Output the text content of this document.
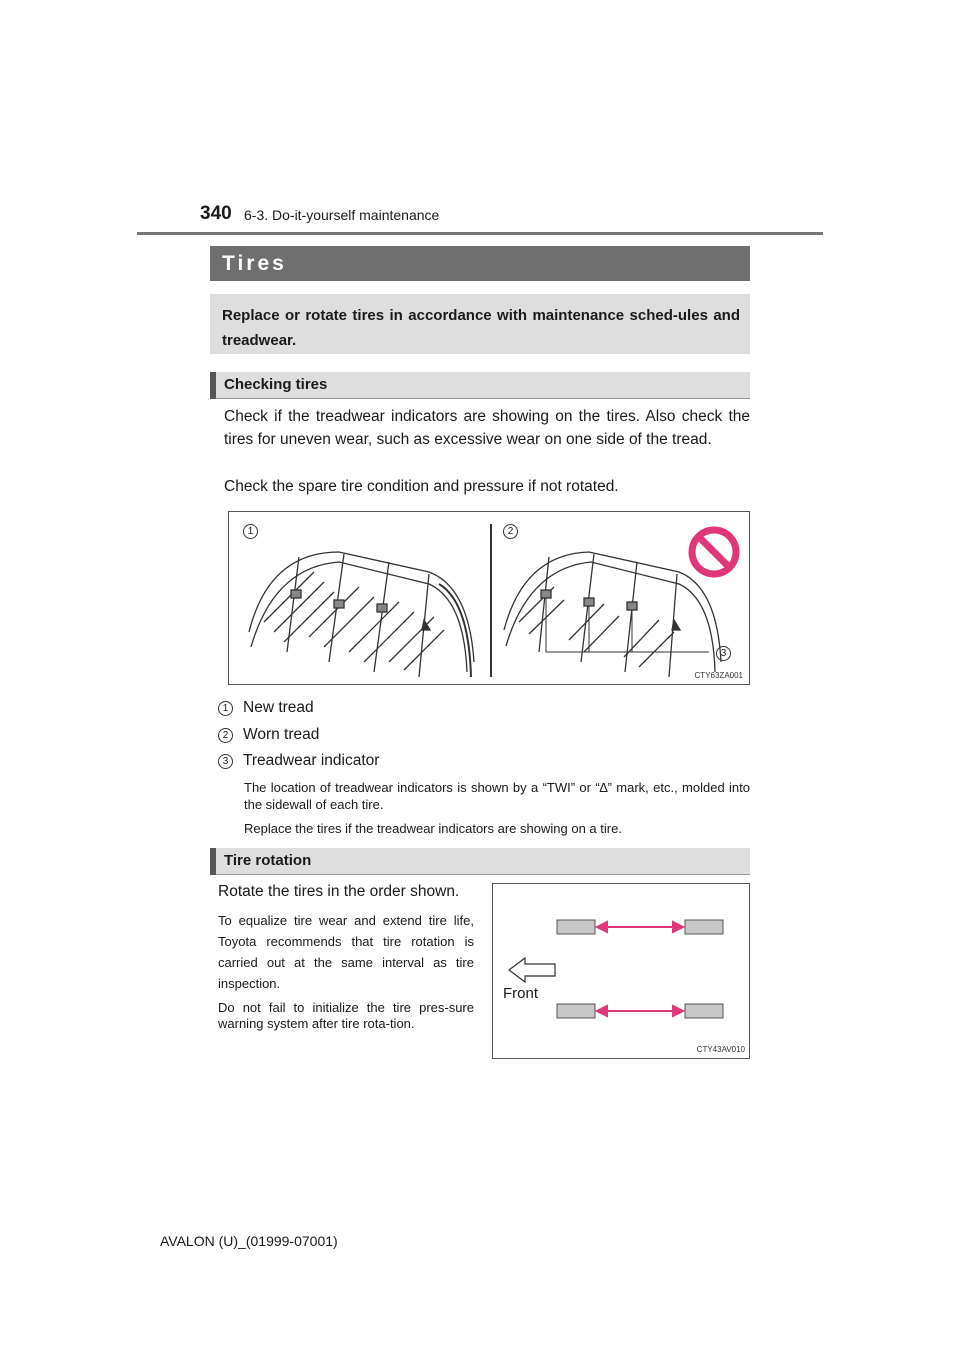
340 6-3. Do-it-yourself maintenance
Tires
Replace or rotate tires in accordance with maintenance sched-ules and treadwear.
Checking tires
Check if the treadwear indicators are showing on the tires. Also check the tires for uneven wear, such as excessive wear on one side of the tread.
Check the spare tire condition and pressure if not rotated.
1	2
3
CTY63ZA001
1 New tread
2 Worn tread
3 Treadwear indicator
The location of treadwear indicators is shown by a “TWI” or “∆” mark, etc., molded into the sidewall of each tire.
Replace the tires if the treadwear indicators are showing on a tire.
Tire rotation
Rotate the tires in the order shown.
To equalize tire wear and extend tire life, Toyota recommends that tire rotation is carried out at the same interval as tire inspection.
Do not fail to initialize the tire pres-sure warning system after tire rota-tion.
Front
CTY43AV010
AVALON (U)_(01999-07001)
